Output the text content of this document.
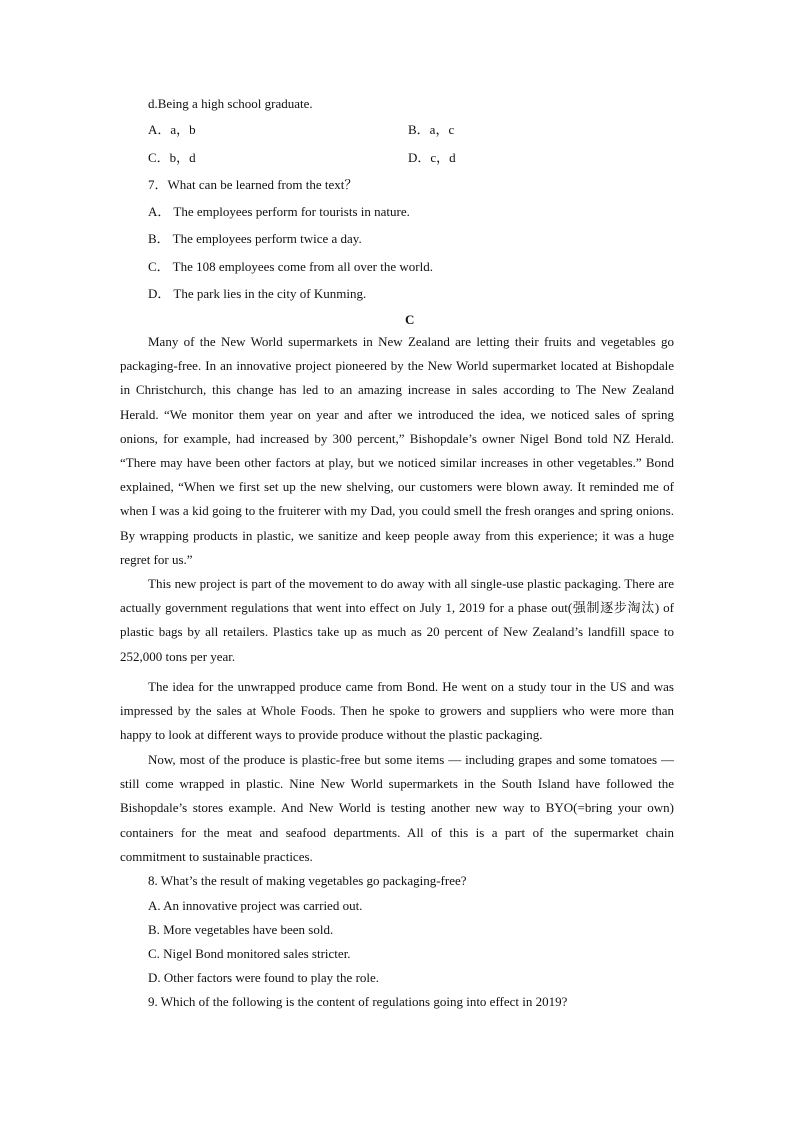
d.Being a high school graduate.
A．a，b	B．a，c
C．b，d	D．c，d
7．What can be learned from the text？
A． The employees perform for tourists in nature.
B． The employees perform twice a day.
C． The 108 employees come from all over the world.
D． The park lies in the city of Kunming.
C
Many of the New World supermarkets in New Zealand are letting their fruits and vegetables go packaging-free. In an innovative project pioneered by the New World supermarket located at Bishopdale in Christchurch, this change has led to an amazing increase in sales according to The New Zealand Herald. “We monitor them year on year and after we introduced the idea, we noticed sales of spring onions, for example, had increased by 300 percent,” Bishopdale’s owner Nigel Bond told NZ Herald. “There may have been other factors at play, but we noticed similar increases in other vegetables.” Bond explained, “When we first set up the new shelving, our customers were blown away. It reminded me of when I was a kid going to the fruiterer with my Dad, you could smell the fresh oranges and spring onions. By wrapping products in plastic, we sanitize and keep people away from this experience; it was a huge regret for us.”
This new project is part of the movement to do away with all single-use plastic packaging. There are actually government regulations that went into effect on July 1, 2019 for a phase out(强制逐步淘汰) of plastic bags by all retailers. Plastics take up as much as 20 percent of New Zealand’s landfill space to 252,000 tons per year.
The idea for the unwrapped produce came from Bond. He went on a study tour in the US and was impressed by the sales at Whole Foods. Then he spoke to growers and suppliers who were more than happy to look at different ways to provide produce without the plastic packaging.
Now, most of the produce is plastic-free but some items — including grapes and some tomatoes — still come wrapped in plastic. Nine New World supermarkets in the South Island have followed the Bishopdale’s stores example. And New World is testing another new way to BYO(=bring your own) containers for the meat and seafood departments. All of this is a part of the supermarket chain commitment to sustainable practices.
8. What’s the result of making vegetables go packaging-free?
A. An innovative project was carried out.
B. More vegetables have been sold.
C. Nigel Bond monitored sales stricter.
D. Other factors were found to play the role.
9. Which of the following is the content of regulations going into effect in 2019?
